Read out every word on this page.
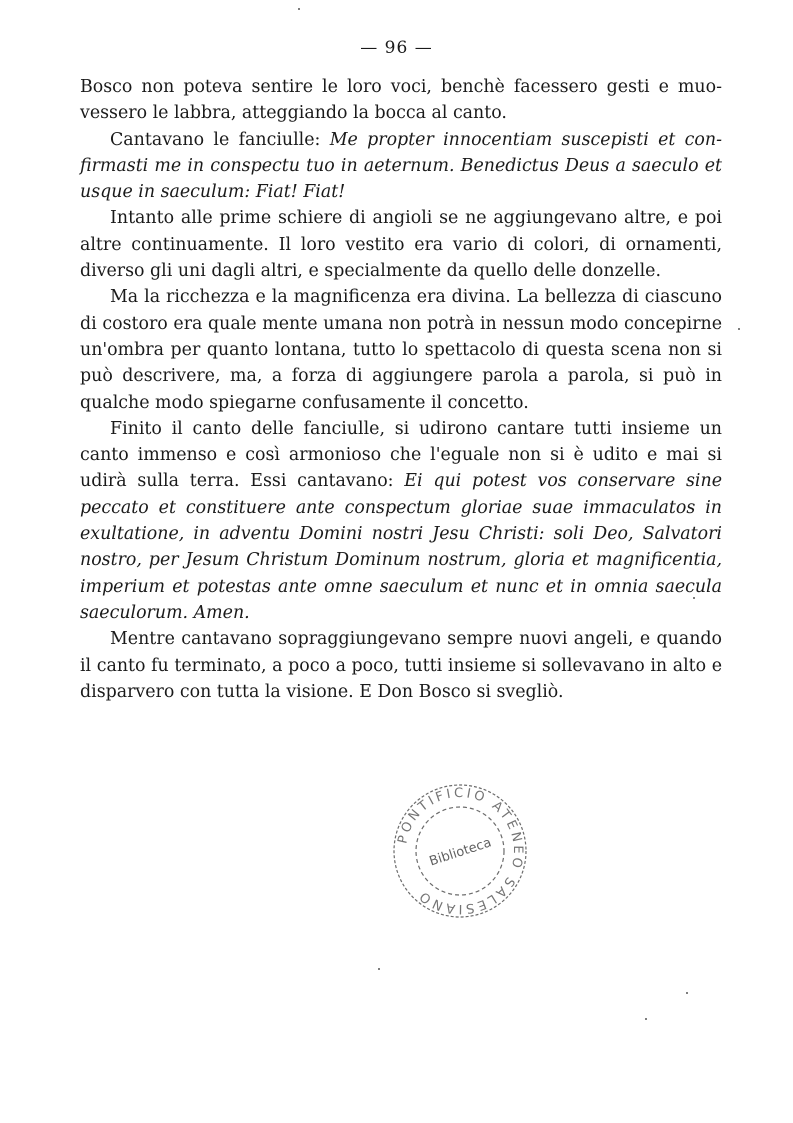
— 96 —

Bosco non poteva sentire le loro voci, benchè facessero gesti e muovessero le labbra, atteggiando la bocca al canto.

Cantavano le fanciulle: Me propter innocentiam suscepisti et confirmasti me in conspectu tuo in aeternum. Benedictus Deus a saeculo et usque in saeculum: Fiat! Fiat!

Intanto alle prime schiere di angioli se ne aggiungevano altre, e poi altre continuamente. Il loro vestito era vario di colori, di ornamenti, diverso gli uni dagli altri, e specialmente da quello delle donzelle.

Ma la ricchezza e la magnificenza era divina. La bellezza di ciascuno di costoro era quale mente umana non potrà in nessun modo concepirne un'ombra per quanto lontana, tutto lo spettacolo di questa scena non si può descrivere, ma, a forza di aggiungere parola a parola, si può in qualche modo spiegarne confusamente il concetto.

Finito il canto delle fanciulle, si udirono cantare tutti insieme un canto immenso e così armonioso che l'eguale non si è udito e mai si udirà sulla terra. Essi cantavano: Ei qui potest vos conservare sine peccato et constituere ante conspectum gloriae suae immaculatos in exultatione, in adventu Domini nostri Jesu Christi: soli Deo, Salvatori nostro, per Jesum Christum Dominum nostrum, gloria et magnificentia, imperium et potestas ante omne saeculum et nunc et in omnia saecula saeculorum. Amen.

Mentre cantavano sopraggiungevano sempre nuovi angeli, e quando il canto fu terminato, a poco a poco, tutti insieme si sollevavano in alto e disparvero con tutta la visione. E Don Bosco si svegliò.

PONTIFICIO ATENEO SALESIANO
Biblioteca
